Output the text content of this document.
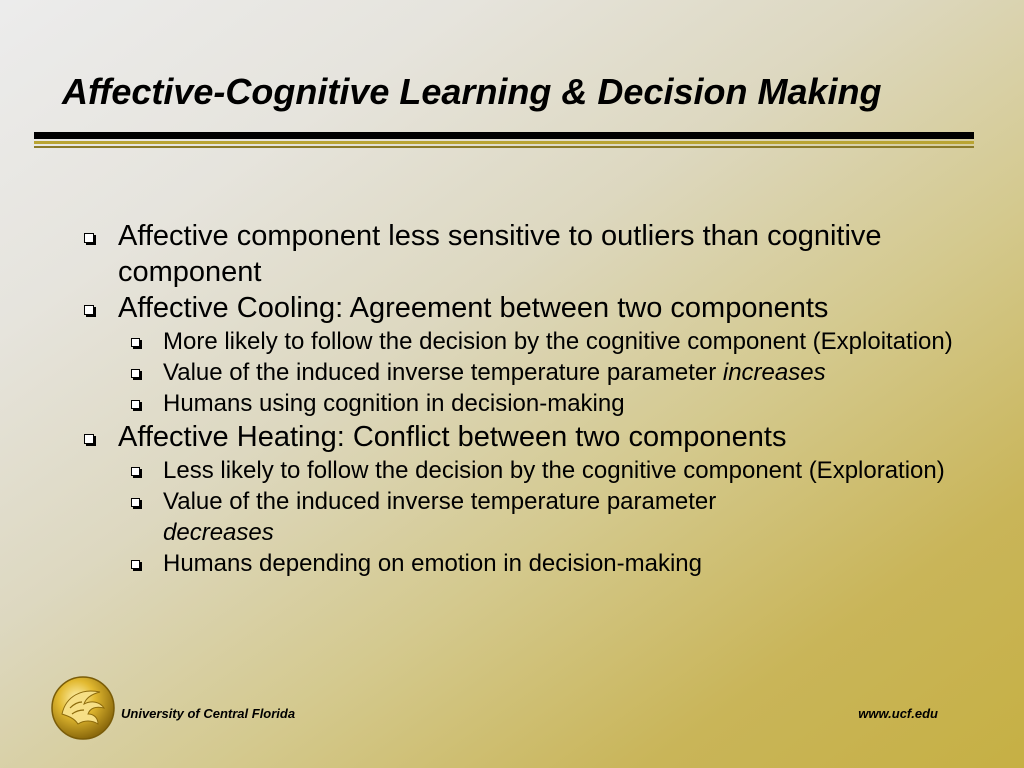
Affective-Cognitive Learning & Decision Making
Affective component less sensitive to outliers than cognitive component
Affective Cooling: Agreement between two components
More likely to follow the decision by the cognitive component (Exploitation)
Value of the induced inverse temperature parameter increases
Humans using cognition in decision-making
Affective Heating: Conflict between two components
Less likely to follow the decision by the cognitive component (Exploration)
Value of the induced inverse temperature parameter
decreases
Humans depending on emotion in decision-making
University of Central Florida	www.ucf.edu
